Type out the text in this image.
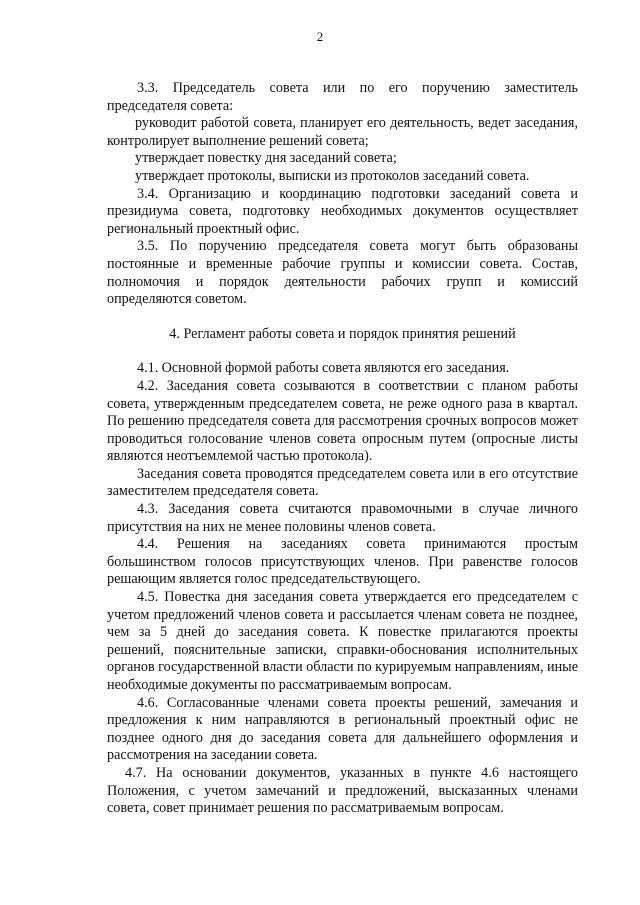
2

3.3. Председатель совета или по его поручению заместитель председателя совета:

руководит работой совета, планирует его деятельность, ведет заседания, контролирует выполнение решений совета;

утверждает повестку дня заседаний совета;

утверждает протоколы, выписки из протоколов заседаний совета.

3.4. Организацию и координацию подготовки заседаний совета и президиума совета, подготовку необходимых документов осуществляет региональный проектный офис.

3.5. По поручению председателя совета могут быть образованы постоянные и временные рабочие группы и комиссии совета. Состав, полномочия и порядок деятельности рабочих групп и комиссий определяются советом.

4. Регламент работы совета и порядок принятия решений

4.1. Основной формой работы совета являются его заседания.

4.2. Заседания совета созываются в соответствии с планом работы совета, утвержденным председателем совета, не реже одного раза в квартал. По решению председателя совета для рассмотрения срочных вопросов может проводиться голосование членов совета опросным путем (опросные листы являются неотъемлемой частью протокола).

Заседания совета проводятся председателем совета или в его отсутствие заместителем председателя совета.

4.3. Заседания совета считаются правомочными в случае личного присутствия на них не менее половины членов совета.

4.4. Решения на заседаниях совета принимаются простым большинством голосов присутствующих членов. При равенстве голосов решающим является голос председательствующего.

4.5. Повестка дня заседания совета утверждается его председателем с учетом предложений членов совета и рассылается членам совета не позднее, чем за 5 дней до заседания совета. К повестке прилагаются проекты решений, пояснительные записки, справки-обоснования исполнительных органов государственной власти области по курируемым направлениям, иные необходимые документы по рассматриваемым вопросам.

4.6. Согласованные членами совета проекты решений, замечания и предложения к ним направляются в региональный проектный офис не позднее одного дня до заседания совета для дальнейшего оформления и рассмотрения на заседании совета.

4.7. На основании документов, указанных в пункте 4.6 настоящего Положения, с учетом замечаний и предложений, высказанных членами совета, совет принимает решения по рассматриваемым вопросам.
